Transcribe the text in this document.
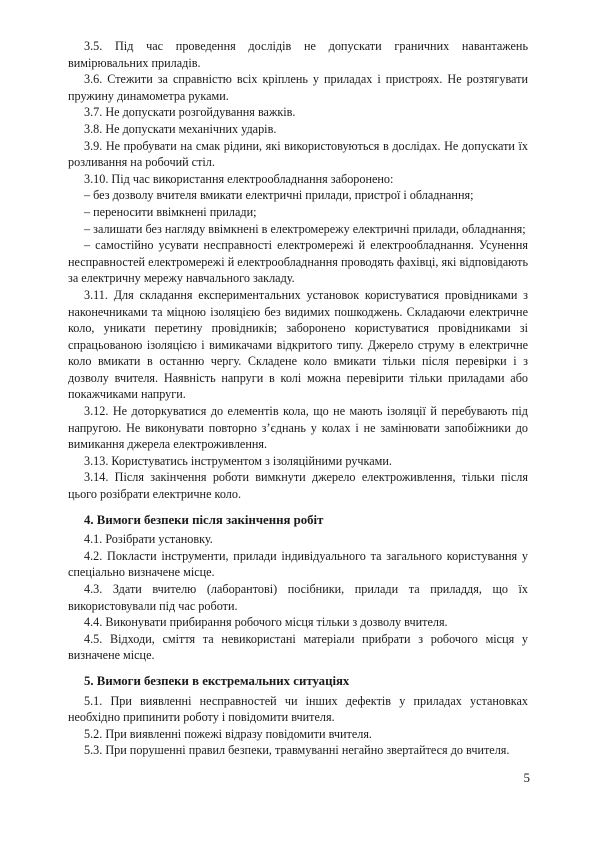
3.5. Під час проведення дослідів не допускати граничних навантажень вимірювальних приладів.

3.6. Стежити за справністю всіх кріплень у приладах і пристроях. Не розтягувати пружину динамометра руками.

3.7. Не допускати розгойдування важків.

3.8. Не допускати механічних ударів.

3.9. Не пробувати на смак рідини, які використовуються в дослідах. Не допускати їх розливання на робочий стіл.

3.10. Під час використання електрообладнання заборонено:

– без дозволу вчителя вмикати електричні прилади, пристрої і обладнання;

– переносити ввімкнені прилади;

– залишати без нагляду ввімкнені в електромережу електричні прилади, обладнання;

– самостійно усувати несправності електромережі й електрообладнання. Усунення несправностей електромережі й електрообладнання проводять фахівці, які відповідають за електричну мережу навчального закладу.

3.11. Для складання експериментальних установок користуватися провідниками з наконечниками та міцною ізоляцією без видимих пошкоджень. Складаючи електричне коло, уникати перетину провідників; заборонено користуватися провідниками зі спрацьованою ізоляцією і вимикачами відкритого типу. Джерело струму в електричне коло вмикати в останню чергу. Складене коло вмикати тільки після перевірки і з дозволу вчителя. Наявність напруги в колі можна перевірити тільки приладами або покажчиками напруги.

3.12. Не доторкуватися до елементів кола, що не мають ізоляції й перебувають під напругою. Не виконувати повторно з’єднань у колах і не замінювати запобіжники до вимикання джерела електроживлення.

3.13. Користуватись інструментом з ізоляційними ручками.

3.14. Після закінчення роботи вимкнути джерело електроживлення, тільки після цього розібрати електричне коло.

4. Вимоги безпеки після закінчення робіт

4.1. Розібрати установку.

4.2. Покласти інструменти, прилади індивідуального та загального користування у спеціально визначене місце.

4.3. Здати вчителю (лаборантові) посібники, прилади та приладдя, що їх використовували під час роботи.

4.4. Виконувати прибирання робочого місця тільки з дозволу вчителя.

4.5. Відходи, сміття та невикористані матеріали прибрати з робочого місця у визначене місце.

5. Вимоги безпеки в екстремальних ситуаціях

5.1. При виявленні несправностей чи інших дефектів у приладах установках необхідно припинити роботу і повідомити вчителя.

5.2. При виявленні пожежі відразу повідомити вчителя.

5.3. При порушенні правил безпеки, травмуванні негайно звертайтеся до вчителя.

5
